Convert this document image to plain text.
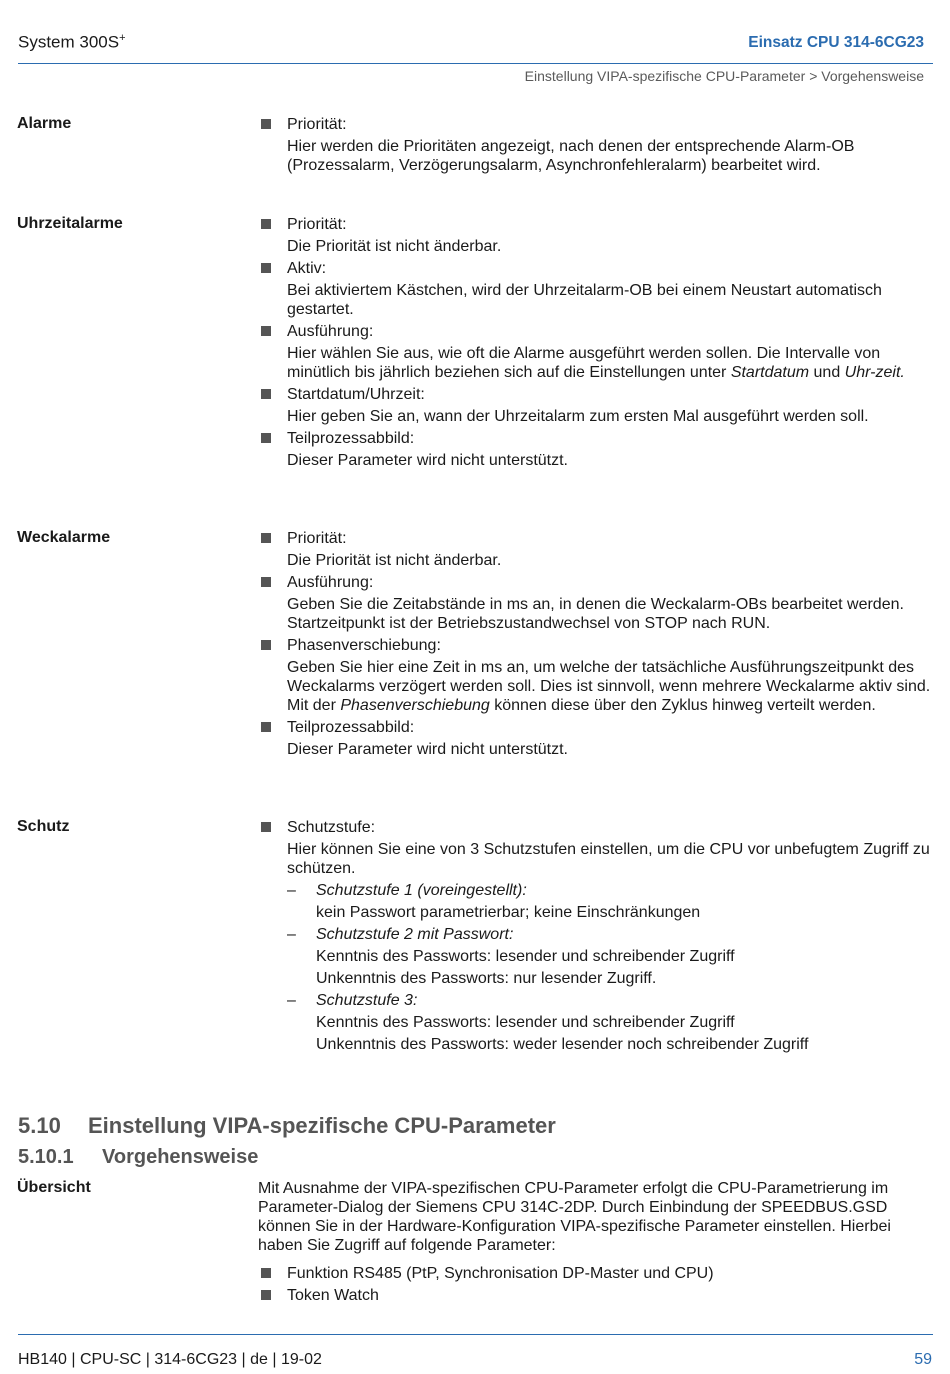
System 300S+	Einsatz CPU 314-6CG23
Einstellung VIPA-spezifische CPU-Parameter > Vorgehensweise
Alarme	Priorität:
Hier werden die Prioritäten angezeigt, nach denen der entsprechende Alarm-OB (Prozessalarm, Verzögerungsalarm, Asynchronfehleralarm) bearbeitet wird.
Uhrzeitalarme	Priorität:
Die Priorität ist nicht änderbar.
Aktiv:
Bei aktiviertem Kästchen, wird der Uhrzeitalarm-OB bei einem Neustart automatisch gestartet.
Ausführung:
Hier wählen Sie aus, wie oft die Alarme ausgeführt werden sollen. Die Intervalle von minütlich bis jährlich beziehen sich auf die Einstellungen unter Startdatum und Uhr-zeit.
Startdatum/Uhrzeit:
Hier geben Sie an, wann der Uhrzeitalarm zum ersten Mal ausgeführt werden soll.
Teilprozessabbild:
Dieser Parameter wird nicht unterstützt.
Weckalarme	Priorität:
Die Priorität ist nicht änderbar.
Ausführung:
Geben Sie die Zeitabstände in ms an, in denen die Weckalarm-OBs bearbeitet werden. Startzeitpunkt ist der Betriebszustandwechsel von STOP nach RUN.
Phasenverschiebung:
Geben Sie hier eine Zeit in ms an, um welche der tatsächliche Ausführungszeitpunkt des Weckalarms verzögert werden soll. Dies ist sinnvoll, wenn mehrere Weckalarme aktiv sind. Mit der Phasenverschiebung können diese über den Zyklus hinweg verteilt werden.
Teilprozessabbild:
Dieser Parameter wird nicht unterstützt.
Schutz	Schutzstufe:
Hier können Sie eine von 3 Schutzstufen einstellen, um die CPU vor unbefugtem Zugriff zu schützen.
– Schutzstufe 1 (voreingestellt):
kein Passwort parametrierbar; keine Einschränkungen
– Schutzstufe 2 mit Passwort:
Kenntnis des Passworts: lesender und schreibender Zugriff
Unkenntnis des Passworts: nur lesender Zugriff.
– Schutzstufe 3:
Kenntnis des Passworts: lesender und schreibender Zugriff
Unkenntnis des Passworts: weder lesender noch schreibender Zugriff
5.10 Einstellung VIPA-spezifische CPU-Parameter
5.10.1 Vorgehensweise
Übersicht	Mit Ausnahme der VIPA-spezifischen CPU-Parameter erfolgt die CPU-Parametrierung im Parameter-Dialog der Siemens CPU 314C-2DP. Durch Einbindung der SPEEDBUS.GSD können Sie in der Hardware-Konfiguration VIPA-spezifische Parameter einstellen. Hierbei haben Sie Zugriff auf folgende Parameter:
Funktion RS485 (PtP, Synchronisation DP-Master und CPU)
Token Watch
HB140 | CPU-SC | 314-6CG23 | de | 19-02	59
